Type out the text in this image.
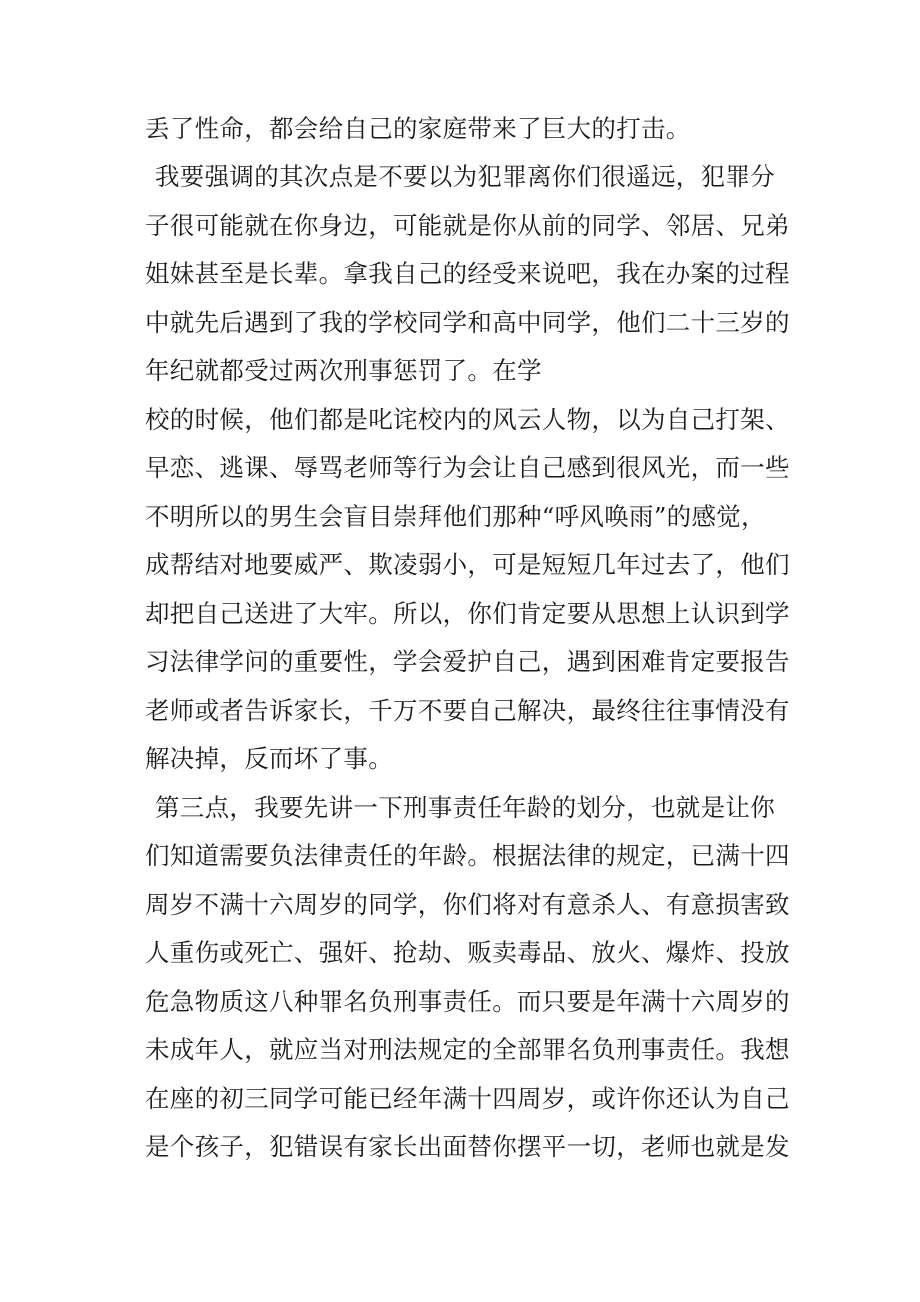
丢了性命，都会给自己的家庭带来了巨大的打击。

我要强调的其次点是不要以为犯罪离你们很遥远，犯罪分

子很可能就在你身边，可能就是你从前的同学、邻居、兄弟

姐妹甚至是长辈。拿我自己的经受来说吧，我在办案的过程

中就先后遇到了我的学校同学和高中同学，他们二十三岁的

年纪就都受过两次刑事惩罚了。在学

校的时候，他们都是叱诧校内的风云人物，以为自己打架、

早恋、逃课、辱骂老师等行为会让自己感到很风光，而一些

不明所以的男生会盲目崇拜他们那种“呼风唤雨”的感觉，

成帮结对地要威严、欺凌弱小，可是短短几年过去了，他们

却把自己送进了大牢。所以，你们肯定要从思想上认识到学

习法律学问的重要性，学会爱护自己，遇到困难肯定要报告

老师或者告诉家长，千万不要自己解决，最终往往事情没有

解决掉，反而坏了事。

第三点，我要先讲一下刑事责任年龄的划分，也就是让你

们知道需要负法律责任的年龄。根据法律的规定，已满十四

周岁不满十六周岁的同学，你们将对有意杀人、有意损害致

人重伤或死亡、强奸、抢劫、贩卖毒品、放火、爆炸、投放

危急物质这八种罪名负刑事责任。而只要是年满十六周岁的

未成年人，就应当对刑法规定的全部罪名负刑事责任。我想

在座的初三同学可能已经年满十四周岁，或许你还认为自己

是个孩子，犯错误有家长出面替你摆平一切，老师也就是发
